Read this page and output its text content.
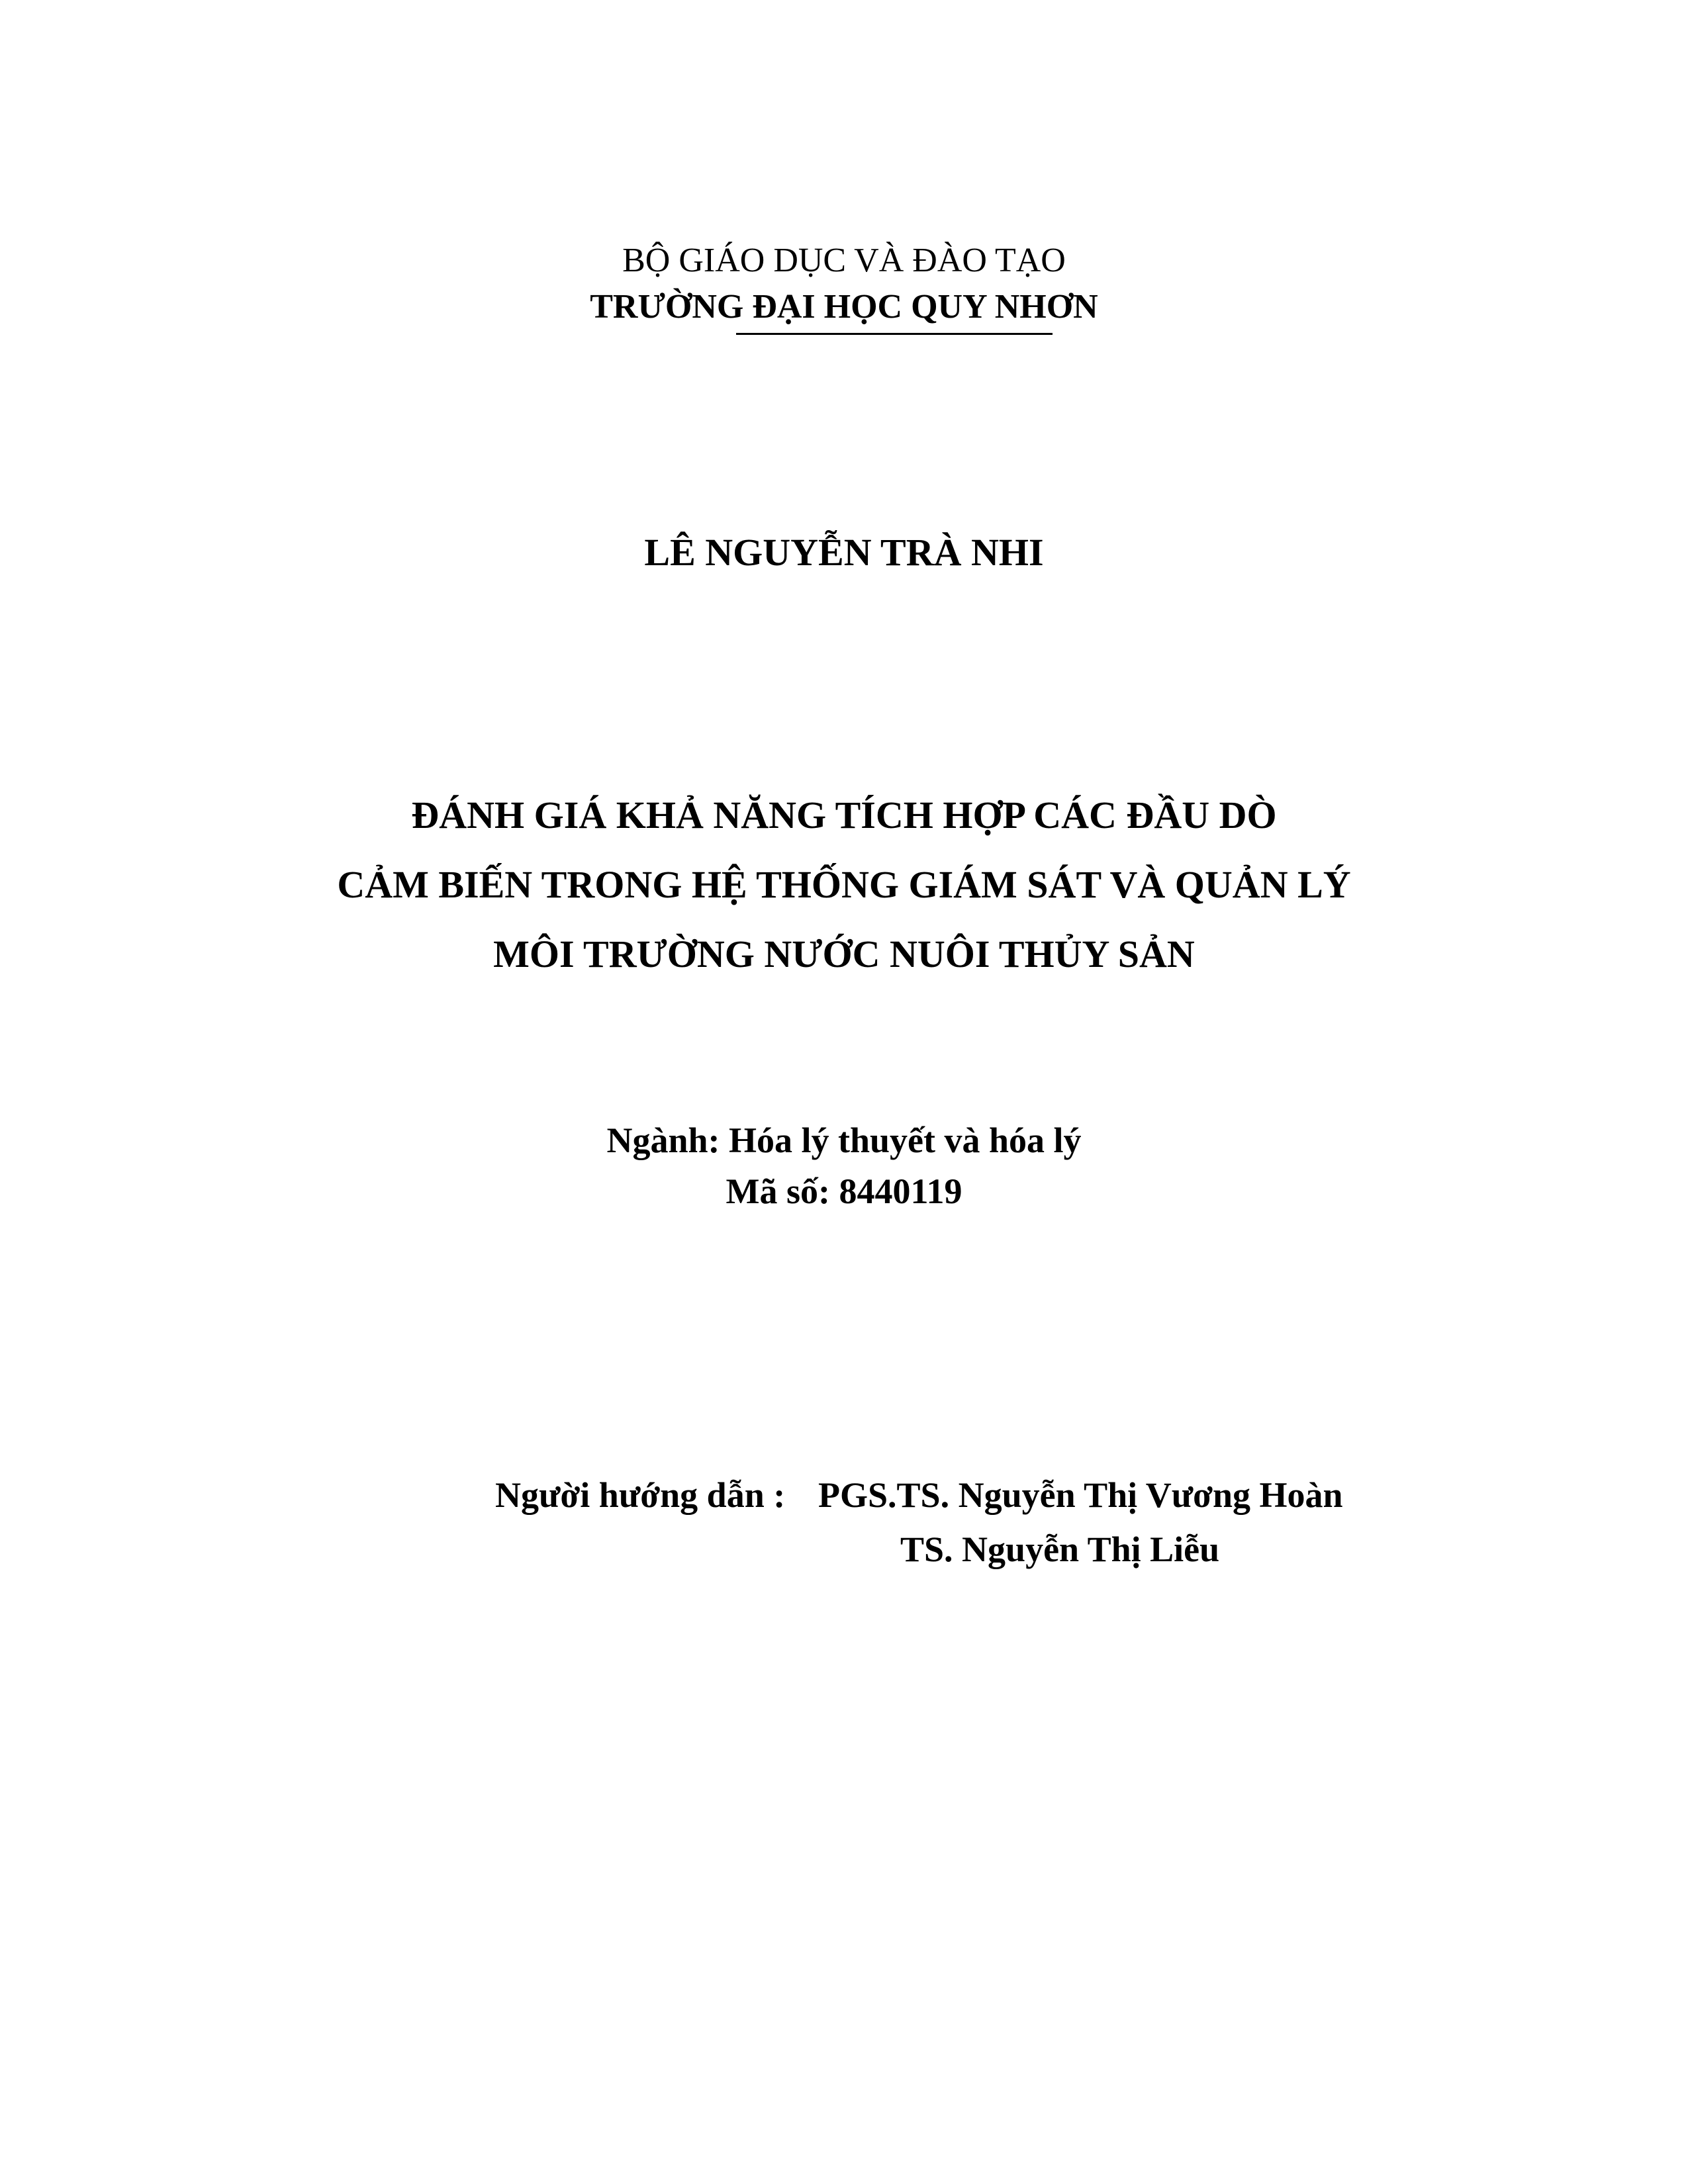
BỘ GIÁO DỤC VÀ ĐÀO TẠO
TRƯỜNG ĐẠI HỌC QUY NHƠN
LÊ NGUYỄN TRÀ NHI
ĐÁNH GIÁ KHẢ NĂNG TÍCH HỢP CÁC ĐẦU DÒ
CẢM BIẾN TRONG HỆ THỐNG GIÁM SÁT VÀ QUẢN LÝ
MÔI TRƯỜNG NƯỚC NUÔI THỦY SẢN
Ngành: Hóa lý thuyết và hóa lý
Mã số: 8440119
Người hướng dẫn : PGS.TS. Nguyễn Thị Vương Hoàn
TS. Nguyễn Thị Liễu
